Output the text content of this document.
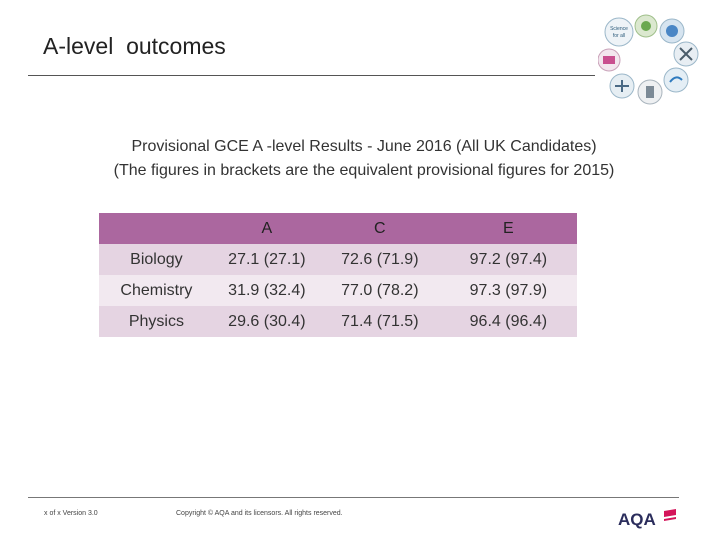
A-level  outcomes
Science
for all
Provisional GCE A -level Results - June 2016 (All UK Candidates)
(The figures in brackets are the equivalent provisional figures for 2015)
	A	C	E
Biology	27.1 (27.1)	72.6 (71.9)	97.2 (97.4)
Chemistry	31.9 (32.4)	77.0 (78.2)	97.3 (97.9)
Physics	29.6 (30.4)	71.4 (71.5)	96.4 (96.4)
x of x Version 3.0	Copyright © AQA and its licensors. All rights reserved.	AQA
